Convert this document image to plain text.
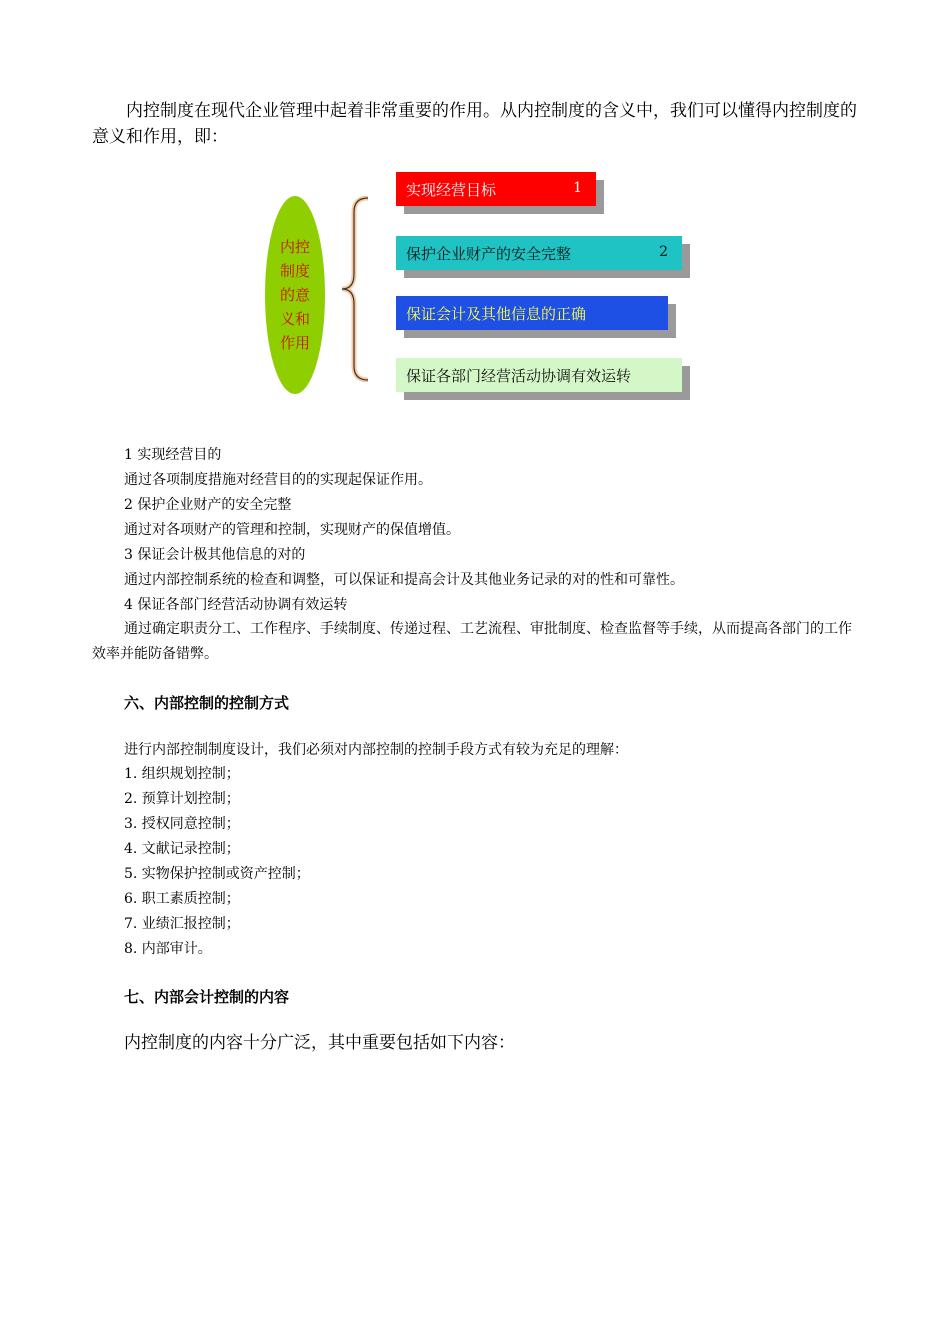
内控制度在现代企业管理中起着非常重要的作用。从内控制度的含义中，我们可以懂得内控制度的意义和作用，即：

内控
制度
的意
义和
作用
实现经营目标	1
保护企业财产的安全完整	2
保证会计及其他信息的正确
保证各部门经营活动协调有效运转
1 实现经营目的
通过各项制度措施对经营目的的实现起保证作用。
2 保护企业财产的安全完整
通过对各项财产的管理和控制，实现财产的保值增值。
3 保证会计极其他信息的对的
通过内部控制系统的检查和调整，可以保证和提高会计及其他业务记录的对的性和可靠性。
4 保证各部门经营活动协调有效运转

通过确定职责分工、工作程序、手续制度、传递过程、工艺流程、审批制度、检查监督等手续，从而提高各部门的工作效率并能防备错弊。

六、内部控制的控制方式
进行内部控制制度设计，我们必须对内部控制的控制手段方式有较为充足的理解：
1. 组织规划控制；
2. 预算计划控制；
3. 授权同意控制；
4. 文献记录控制；
5. 实物保护控制或资产控制；
6. 职工素质控制；
7. 业绩汇报控制；
8. 内部审计。
七、内部会计控制的内容
内控制度的内容十分广泛，其中重要包括如下内容：
